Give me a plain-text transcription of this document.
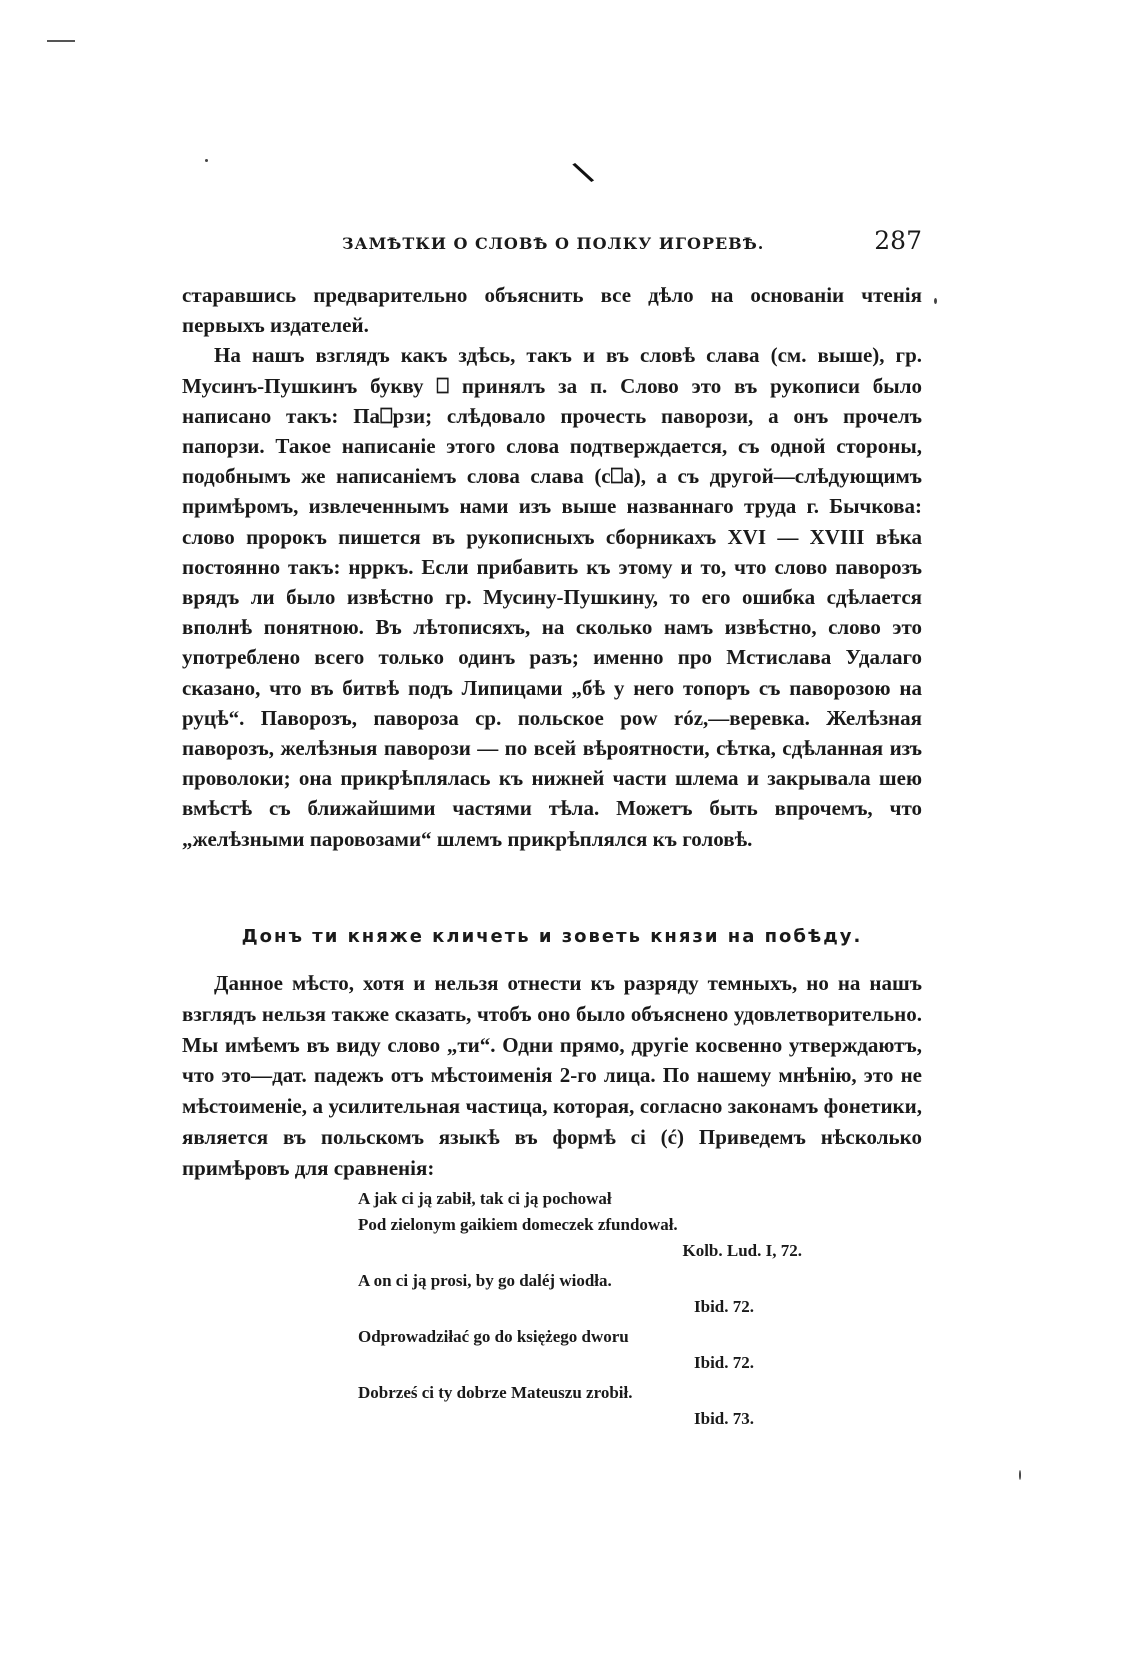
\
ЗАМѢТКИ О СЛОВѢ О ПОЛКУ ИГОРЕВѢ.	287

старавшись предварительно объяснить все дѣло на основаніи чтенія первыхъ издателей.

На нашъ взглядъ какъ здѣсь, такъ и въ словѣ слава (см. выше), гр. Мусинъ-Пушкинъ букву ⎕ принялъ за п. Слово это въ рукописи было написано такъ: Па⎕рзи; слѣдовало прочесть паворози, а онъ прочелъ папорзи. Такое написаніе этого слова подтверждается, съ одной стороны, подобнымъ же написаніемъ слова слава (с⎕а), а съ другой—слѣдующимъ примѣромъ, извлеченнымъ нами изъ выше названнаго труда г. Бычкова: слово пророкъ пишется въ рукописныхъ сборникахъ XVI — XVIII вѣка постоянно такъ: нрркъ. Если прибавить къ этому и то, что слово паворозъ врядъ ли было извѣстно гр. Мусину-Пушкину, то его ошибка сдѣлается вполнѣ понятною. Въ лѣтописяхъ, на сколько намъ извѣстно, слово это употреблено всего только одинъ разъ; именно про Мстислава Удалаго сказано, что въ битвѣ подъ Липицами „бѣ у него топоръ съ паворозою на руцѣ“. Паворозъ, павороза ср. польское pow róz,—веревка. Желѣзная паворозъ, желѣзныя паворози — по всей вѣроятности, сѣтка, сдѣланная изъ проволоки; она прикрѣплялась къ нижней части шлема и закрывала шею вмѣстѣ съ ближайшими частями тѣла. Можетъ быть впрочемъ, что „желѣзными паровозами“ шлемъ прикрѣплялся къ головѣ.

Донъ ти княже кличеть и зоветь князи на побѣду.

Данное мѣсто, хотя и нельзя отнести къ разряду темныхъ, но на нашъ взглядъ нельзя также сказать, чтобъ оно было объяснено удовлетворительно. Мы имѣемъ въ виду слово „ти“. Одни прямо, другіе косвенно утверждаютъ, что это—дат. падежъ отъ мѣстоименія 2-го лица. По нашему мнѣнію, это не мѣстоименіе, а усилительная частица, которая, согласно законамъ фонетики, является въ польскомъ языкѣ въ формѣ ci (ć) Приведемъ нѣсколько примѣровъ для сравненія:

A jak ci ją zabił, tak ci ją pochował
Pod zielonym gaikiem domeczek zfundował.
Kolb. Lud. I, 72.
A on ci ją prosi, by go daléj wiodła.
Ibid. 72.
Odprowadziłać go do księżego dworu
Ibid. 72.
Dobrześ ci ty dobrze Mateuszu zrobił.
Ibid. 73.
